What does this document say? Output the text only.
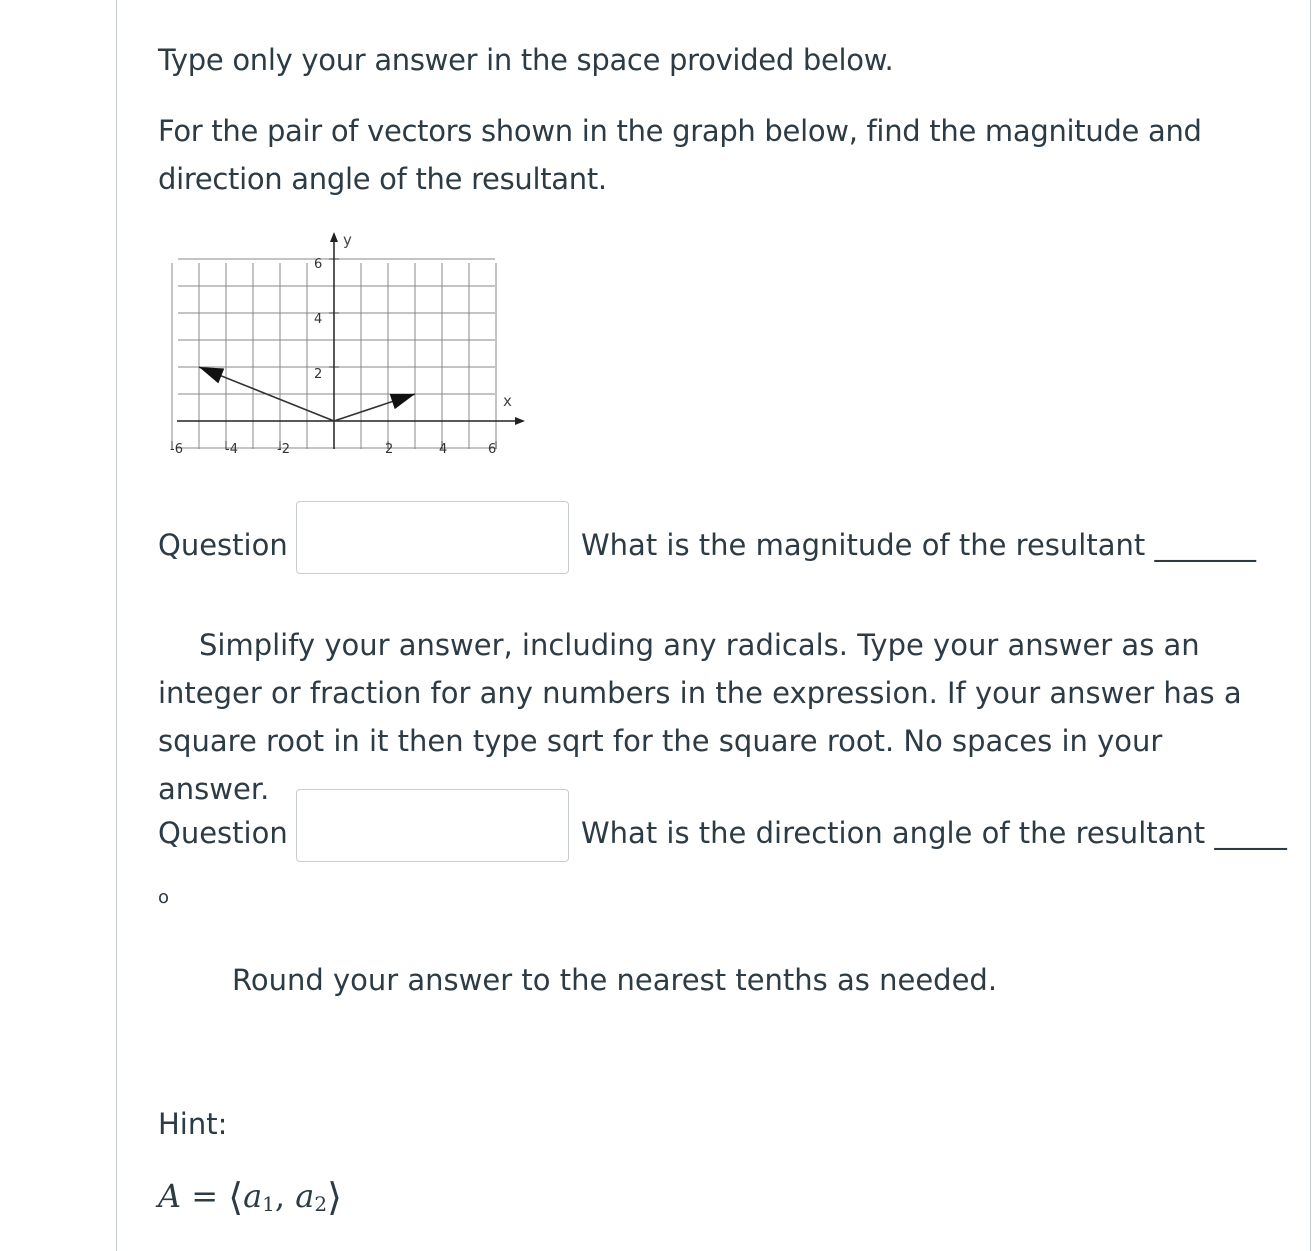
Type only your answer in the space provided below.
For the pair of vectors shown in the graph below, find the magnitude and direction angle of the resultant.
y
x
6
4
2
-6	-4	-2	2	4	6
Question	What is the magnitude of the resultant _______
Simplify your answer, including any radicals. Type your answer as an integer or fraction for any numbers in the expression. If your answer has a square root in it then type sqrt for the square root. No spaces in your answer.
Question	What is the direction angle of the resultant _____
o
Round your answer to the nearest tenths as needed.
Hint:
$A = ⟨a_1$, $a_2⟩$
